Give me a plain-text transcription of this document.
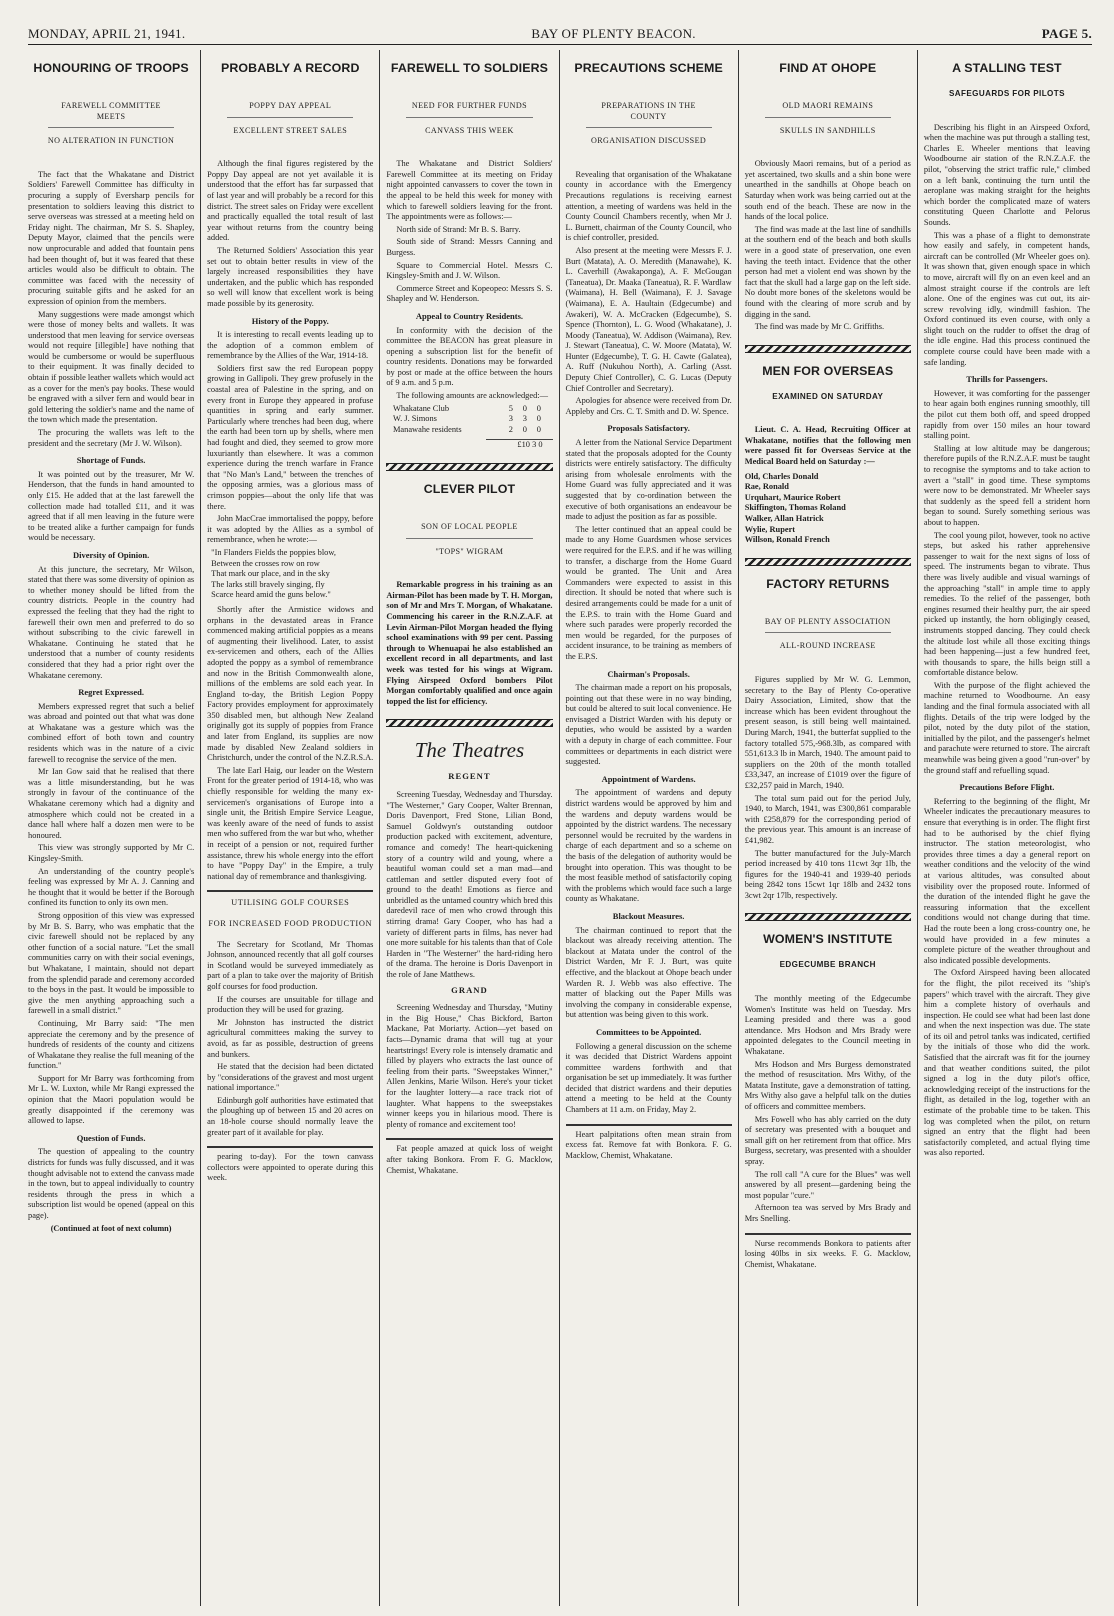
MONDAY, APRIL 21, 1941.	BAY OF PLENTY BEACON.	PAGE 5.
HONOURING OF TROOPS
FAREWELL COMMITTEE MEETS
NO ALTERATION IN FUNCTION

The fact that the Whakatane and District Soldiers' Farewell Committee has difficulty in procuring a supply of Eversharp pencils for presentation to soldiers leaving this district to serve overseas was stressed at a meeting held on Friday night. The chairman, Mr S. S. Shapley, Deputy Mayor, claimed that the pencils were now unprocurable and added that fountain pens had been thought of, but it was feared that these articles would also be difficult to obtain. The committee was faced with the necessity of procuring suitable gifts and he asked for an expression of opinion from the members.

Many suggestions were made amongst which were those of money belts and wallets. It was understood that men leaving for service overseas would not require [illegible] have nothing that would be cumbersome or would be superfluous to their equipment. It was finally decided to obtain if possible leather wallets which would act as a cover for the men's pay books. These would be engraved with a silver fern and would bear in gold lettering the soldier's name and the name of the town which made the presentation.

The procuring the wallets was left to the president and the secretary (Mr J. W. Wilson).

Shortage of Funds.

It was pointed out by the treasurer, Mr W. Henderson, that the funds in hand amounted to only £15. He added that at the last farewell the collection made had totalled £11, and it was agreed that if all men leaving in the future were to be treated alike a further campaign for funds would be necessary.

Diversity of Opinion.

At this juncture, the secretary, Mr Wilson, stated that there was some diversity of opinion as to whether money should be lifted from the country districts. People in the country had expressed the feeling that they had the right to farewell their own men and preferred to do so without subscribing to the civic farewell in Whakatane. Continuing he stated that he understood that a number of county residents considered that they had a prior right over the Whakatane ceremony.

Regret Expressed.

Members expressed regret that such a belief was abroad and pointed out that what was done at Whakatane was a gesture which was the combined effort of both town and country residents which was in the nature of a civic farewell to recognise the service of the men.

Mr Ian Gow said that he realised that there was a little misunderstanding, but he was strongly in favour of the continuance of the Whakatane ceremony which had a dignity and atmosphere which could not be created in a dance hall where half a dozen men were to be honoured.

This view was strongly supported by Mr C. Kingsley-Smith.

An understanding of the country people's feeling was expressed by Mr A. J. Canning and he thought that it would be better if the Borough confined its function to only its own men.

Strong opposition of this view was expressed by Mr B. S. Barry, who was emphatic that the civic farewell should not be replaced by any other function of a social nature. "Let the small communities carry on with their social evenings, but Whakatane, I maintain, should not depart from the splendid parade and ceremony accorded to the boys in the past. It would be impossible to give the men anything approaching such a farewell in a small district."

Continuing, Mr Barry said: "The men appreciate the ceremony and by the presence of hundreds of residents of the county and citizens of Whakatane they realise the full meaning of the function."

Support for Mr Barry was forthcoming from Mr L. W. Luxton, while Mr Rangi expressed the opinion that the Maori population would be greatly disappointed if the ceremony was allowed to lapse.

Question of Funds.

The question of appealing to the country districts for funds was fully discussed, and it was thought advisable not to extend the canvass made in the town, but to appeal individually to country residents through the press in which a subscription list would be opened (appeal on this page).

(Continued at foot of next column)
PROBABLY A RECORD
POPPY DAY APPEAL
EXCELLENT STREET SALES

Although the final figures registered by the Poppy Day appeal are not yet available it is understood that the effort has far surpassed that of last year and will probably be a record for this district. The street sales on Friday were excellent and practically equalled the total result of last year without returns from the country being added.

The Returned Soldiers' Association this year set out to obtain better results in view of the largely increased responsibilities they have undertaken, and the public which has responded so well will know that excellent work is being made possible by its generosity.

History of the Poppy.

It is interesting to recall events leading up to the adoption of a common emblem of remembrance by the Allies of the War, 1914-18.

Soldiers first saw the red European poppy growing in Gallipoli. They grew profusely in the coastal area of Palestine in the spring, and on every front in Europe they appeared in profuse quantities in spring and early summer. Particularly where trenches had been dug, where the earth had been torn up by shells, where men had fought and died, they seemed to grow more luxuriantly than elsewhere. It was a common experience during the trench warfare in France that "No Man's Land," between the trenches of the opposing armies, was a glorious mass of crimson poppies—about the only life that was there.

John MacCrae immortalised the poppy, before it was adopted by the Allies as a symbol of remembrance, when he wrote:—

"In Flanders Fields the poppies blow,
Between the crosses row on row
That mark our place, and in the sky
The larks still bravely singing, fly
Scarce heard amid the guns below."

Shortly after the Armistice widows and orphans in the devastated areas in France commenced making artificial poppies as a means of augmenting their livelihood. Later, to assist ex-servicemen and others, each of the Allies adopted the poppy as a symbol of remembrance and now in the British Commonwealth alone, millions of the emblems are sold each year. In England to-day, the British Legion Poppy Factory provides employment for approximately 350 disabled men, but although New Zealand originally got its supply of poppies from France and later from England, its supplies are now made by disabled New Zealand soldiers in Christchurch, under the control of the N.Z.R.S.A.

The late Earl Haig, our leader on the Western Front for the greater period of 1914-18, who was chiefly responsible for welding the many ex-servicemen's organisations of Europe into a single unit, the British Empire Service League, was keenly aware of the need of funds to assist men who suffered from the war but who, whether in receipt of a pension or not, required further assistance, threw his whole energy into the effort to have "Poppy Day" in the Empire, a truly national day of remembrance and thanksgiving.

UTILISING GOLF COURSES
FOR INCREASED FOOD PRODUCTION

The Secretary for Scotland, Mr Thomas Johnson, announced recently that all golf courses in Scotland would be surveyed immediately as part of a plan to take over the majority of British golf courses for food production.

If the courses are unsuitable for tillage and production they will be used for grazing.

Mr Johnston has instructed the district agricultural committees making the survey to avoid, as far as possible, destruction of greens and bunkers.

He stated that the decision had been dictated by "considerations of the gravest and most urgent national importance."

Edinburgh golf authorities have estimated that the ploughing up of between 15 and 20 acres on an 18-hole course should normally leave the greater part of it available for play.

pearing to-day). For the town canvass collectors were appointed to operate during this week.

FAREWELL TO SOLDIERS
NEED FOR FURTHER FUNDS
CANVASS THIS WEEK

The Whakatane and District Soldiers' Farewell Committee at its meeting on Friday night appointed canvassers to cover the town in the appeal to be held this week for money with which to farewell soldiers leaving for the front. The appointments were as follows:—

North side of Strand: Mr B. S. Barry.

South side of Strand: Messrs Canning and Burgess.

Square to Commercial Hotel. Messrs C. Kingsley-Smith and J. W. Wilson.

Commerce Street and Kopeopeo: Messrs S. S. Shapley and W. Henderson.

Appeal to Country Residents.

In conformity with the decision of the committee the BEACON has great pleasure in opening a subscription list for the benefit of country residents. Donations may be forwarded by post or made at the office between the hours of 9 a.m. and 5 p.m.

The following amounts are acknowledged:—

Whakatane Club	5	0	0
W. J. Simons	3	3	0
Manawahe residents	2	0	0
£10 3 0
CLEVER PILOT
SON OF LOCAL PEOPLE
"TOPS" WIGRAM

Remarkable progress in his training as an Airman-Pilot has been made by T. H. Morgan, son of Mr and Mrs T. Morgan, of Whakatane. Commencing his career in the R.N.Z.A.F. at Levin Airman-Pilot Morgan headed the flying school examinations with 99 per cent. Passing through to Whenuapai he also established an excellent record in all departments, and last week was tested for his wings at Wigram. Flying Airspeed Oxford bombers Pilot Morgan comfortably qualified and once again topped the list for efficiency.

The Theatres
REGENT

Screening Tuesday, Wednesday and Thursday. "The Westerner," Gary Cooper, Walter Brennan, Doris Davenport, Fred Stone, Lilian Bond, Samuel Goldwyn's outstanding outdoor production packed with excitement, adventure, romance and comedy! The heart-quickening story of a country wild and young, where a beautiful woman could set a man mad—and cattleman and settler disputed every foot of ground to the death! Emotions as fierce and unbridled as the untamed country which bred this daredevil race of men who crowd through this stirring drama! Gary Cooper, who has had a variety of different parts in films, has never had one more suitable for his talents than that of Cole Harden in "The Westerner" the hard-riding hero of the drama. The heroine is Doris Davenport in the role of Jane Matthews.

GRAND

Screening Wednesday and Thursday, "Mutiny in the Big House," Chas Bickford, Barton Mackane, Pat Moriarty. Action—yet based on facts—Dynamic drama that will tug at your heartstrings! Every role is intensely dramatic and filled by players who extracts the last ounce of feeling from their parts. "Sweepstakes Winner," Allen Jenkins, Marie Wilson. Here's your ticket for the laughter lottery—a race track riot of laughter. What happens to the sweepstakes winner keeps you in hilarious mood. There is plenty of romance and excitement too!

Fat people amazed at quick loss of weight after taking Bonkora. From F. G. Macklow, Chemist, Whakatane.

PRECAUTIONS SCHEME
PREPARATIONS IN THE COUNTY
ORGANISATION DISCUSSED

Revealing that organisation of the Whakatane county in accordance with the Emergency Precautions regulations is receiving earnest attention, a meeting of wardens was held in the County Council Chambers recently, when Mr J. L. Burnett, chairman of the County Council, who is chief controller, presided.

Also present at the meeting were Messrs F. J. Burt (Matata), A. O. Meredith (Manawahe), K. L. Caverhill (Awakaponga), A. F. McGougan (Taneatua), Dr. Maaka (Taneatua), R. F. Wardlaw (Waimana), H. Bell (Waimana), F. J. Savage (Waimana), E. A. Haultain (Edgecumbe) and Awakeri), W. A. McCracken (Edgecumbe), S. Spence (Thornton), L. G. Wood (Whakatane), J. Moody (Taneatua), W. Addison (Waimana), Rev. J. Stewart (Taneatua), C. W. Moore (Matata), W. Hunter (Edgecumbe), T. G. H. Cawte (Galatea), A. Ruff (Nukuhou North), A. Carling (Asst. Deputy Chief Controller), C. G. Lucas (Deputy Chief Controller and Secretary).

Apologies for absence were received from Dr. Appleby and Crs. C. T. Smith and D. W. Spence.

Proposals Satisfactory.

A letter from the National Service Department stated that the proposals adopted for the County districts were entirely satisfactory. The difficulty arising from wholesale enrolments with the Home Guard was fully appreciated and it was suggested that by co-ordination between the executive of both organisations an endeavour be made to adjust the position as far as possible.

The letter continued that an appeal could be made to any Home Guardsmen whose services were required for the E.P.S. and if he was willing to transfer, a discharge from the Home Guard would be granted. The Unit and Area Commanders were expected to assist in this direction. It should be noted that where such is desired arrangements could be made for a unit of the E.P.S. to train with the Home Guard and where such parades were properly recorded the men would be regarded, for the purposes of accident insurance, to be training as members of the E.P.S.

Chairman's Proposals.

The chairman made a report on his proposals, pointing out that these were in no way binding, but could be altered to suit local convenience. He envisaged a District Warden with his deputy or deputies, who would be assisted by a warden with a deputy in charge of each committee. Four committees or departments in each district were suggested.

Appointment of Wardens.

The appointment of wardens and deputy district wardens would be approved by him and the wardens and deputy wardens would be appointed by the district wardens. The necessary personnel would be recruited by the wardens in charge of each department and so a scheme on the basis of the delegation of authority would be brought into operation. This was thought to be the most feasible method of satisfactorily coping with the problems which would face such a large county as Whakatane.

Blackout Measures.

The chairman continued to report that the blackout was already receiving attention. The blackout at Matata under the control of the District Warden, Mr F. J. Burt, was quite effective, and the blackout at Ohope beach under Warden R. J. Webb was also effective. The matter of blacking out the Paper Mills was involving the company in considerable expense, but attention was being given to this work.

Committees to be Appointed.

Following a general discussion on the scheme it was decided that District Wardens appoint committee wardens forthwith and that organisation be set up immediately. It was further decided that district wardens and their deputies attend a meeting to be held at the County Chambers at 11 a.m. on Friday, May 2.

Heart palpitations often mean strain from excess fat. Remove fat with Bonkora. F. G. Macklow, Chemist, Whakatane.

FIND AT OHOPE
OLD MAORI REMAINS
SKULLS IN SANDHILLS

Obviously Maori remains, but of a period as yet ascertained, two skulls and a shin bone were unearthed in the sandhills at Ohope beach on Saturday when work was being carried out at the south end of the beach. These are now in the hands of the local police.

The find was made at the last line of sandhills at the southern end of the beach and both skulls were in a good state of preservation, one even having the teeth intact. Evidence that the other person had met a violent end was shown by the fact that the skull had a large gap on the left side. No doubt more bones of the skeletons would be found with the clearing of more scrub and by digging in the sand.

The find was made by Mr C. Griffiths.

MEN FOR OVERSEAS
EXAMINED ON SATURDAY

Lieut. C. A. Head, Recruiting Officer at Whakatane, notifies that the following men were passed fit for Overseas Service at the Medical Board held on Saturday :—

Old, Charles Donald
Rae, Ronald
Urquhart, Maurice Robert
Skiffington, Thomas Roland
Walker, Allan Hatrick
Wylie, Rupert
Willson, Ronald French
FACTORY RETURNS
BAY OF PLENTY ASSOCIATION
ALL-ROUND INCREASE

Figures supplied by Mr W. G. Lemmon, secretary to the Bay of Plenty Co-operative Dairy Association, Limited, show that the increase which has been evident throughout the present season, is still being well maintained. During March, 1941, the butterfat supplied to the factory totalled 575,-968.3lb, as compared with 551,613.3 lb in March, 1940. The amount paid to suppliers on the 20th of the month totalled £33,347, an increase of £1019 over the figure of £32,257 paid in March, 1940.

The total sum paid out for the period July, 1940, to March, 1941, was £300,861 comparable with £258,879 for the corresponding period of the previous year. This amount is an increase of £41,982.

The butter manufactured for the July-March period increased by 410 tons 11cwt 3qr 1lb, the figures for the 1940-41 and 1939-40 periods being 2842 tons 15cwt 1qr 18lb and 2432 tons 3cwt 2qr 17lb, respectively.

WOMEN'S INSTITUTE
EDGECUMBE BRANCH

The monthly meeting of the Edgecumbe Women's Institute was held on Tuesday. Mrs Leaming presided and there was a good attendance. Mrs Hodson and Mrs Brady were appointed delegates to the Council meeting in Whakatane.

Mrs Hodson and Mrs Burgess demonstrated the method of resuscitation. Mrs Withy, of the Matata Institute, gave a demonstration of tatting. Mrs Withy also gave a helpful talk on the duties of officers and committee members.

Mrs Fowell who has ably carried on the duty of secretary was presented with a bouquet and small gift on her retirement from that office. Mrs Burgess, secretary, was presented with a shoulder spray.

The roll call "A cure for the Blues" was well answered by all present—gardening being the most popular "cure."

Afternoon tea was served by Mrs Brady and Mrs Snelling.

Nurse recommends Bonkora to patients after losing 40lbs in six weeks. F. G. Macklow, Chemist, Whakatane.

A STALLING TEST
SAFEGUARDS FOR PILOTS

Describing his flight in an Airspeed Oxford, when the machine was put through a stalling test, Charles E. Wheeler mentions that leaving Woodbourne air station of the R.N.Z.A.F. the pilot, "observing the strict traffic rule," climbed on a left bank, continuing the turn until the aeroplane was making straight for the heights which border the complicated maze of waters constituting Queen Charlotte and Pelorus Sounds.

This was a phase of a flight to demonstrate how easily and safely, in competent hands, aircraft can be controlled (Mr Wheeler goes on). It was shown that, given enough space in which to move, aircraft will fly on an even keel and an almost straight course if the controls are left alone. One of the engines was cut out, its air-screw revolving idly, windmill fashion. The Oxford continued its even course, with only a slight touch on the rudder to offset the drag of the idle engine. Had this process continued the complete course could have been made with a safe landing.

Thrills for Passengers.

However, it was comforting for the passenger to hear again both engines running smoothly, till the pilot cut them both off, and speed dropped rapidly from over 150 miles an hour toward stalling point.

Stalling at low altitude may be dangerous; therefore pupils of the R.N.Z.A.F. must be taught to recognise the symptoms and to take action to avert a "stall" in good time. These symptoms were now to be demonstrated. Mr Wheeler says that suddenly as the speed fell a strident horn began to sound. Surely something serious was about to happen.

The cool young pilot, however, took no active steps, but asked his rather apprehensive passenger to wait for the next signs of loss of speed. The instruments began to vibrate. Thus there was lively audible and visual warnings of the approaching "stall" in ample time to apply remedies. To the relief of the passenger, both engines resumed their healthy purr, the air speed picked up instantly, the horn obligingly ceased, instruments stopped dancing. They could check the altitude lost while all those exciting things had been happening—just a few hundred feet, with thousands to spare, the hills beign still a comfortable distance below.

With the purpose of the flight achieved the machine returned to Woodbourne. An easy landing and the final formula associated with all flights. Details of the trip were lodged by the pilot, noted by the duty pilot of the station, initialled by the pilot, and the passenger's helmet and parachute were returned to store. The aircraft meanwhile was being given a good "run-over" by the ground staff and refuelling squad.

Precautions Before Flight.

Referring to the beginning of the flight, Mr Wheeler indicates the precautionary measures to ensure that everything is in order. The flight first had to be authorised by the chief flying instructor. The station meteorologist, who provides three times a day a general report on weather conditions and the velocity of the wind at various altitudes, was consulted about visibility over the proposed route. Informed of the duration of the intended flight he gave the reassuring information that the excellent conditions would not change during that time. Had the route been a long cross-country one, he would have provided in a few minutes a complete picture of the weather throughout and also indicated possible developments.

The Oxford Airspeed having been allocated for the flight, the pilot received its "ship's papers" which travel with the aircraft. They give him a complete history of overhauls and inspection. He could see what had been last done and when the next inspection was due. The state of its oil and petrol tanks was indicated, certified by the initials of those who did the work. Satisfied that the aircraft was fit for the journey and that weather conditions suited, the pilot signed a log in the duty pilot's office, acknowledging receipt of the instructions for the flight, as detailed in the log, together with an estimate of the probable time to be taken. This log was completed when the pilot, on return signed an entry that the flight had been satisfactorily completed, and actual flying time was also reported.
